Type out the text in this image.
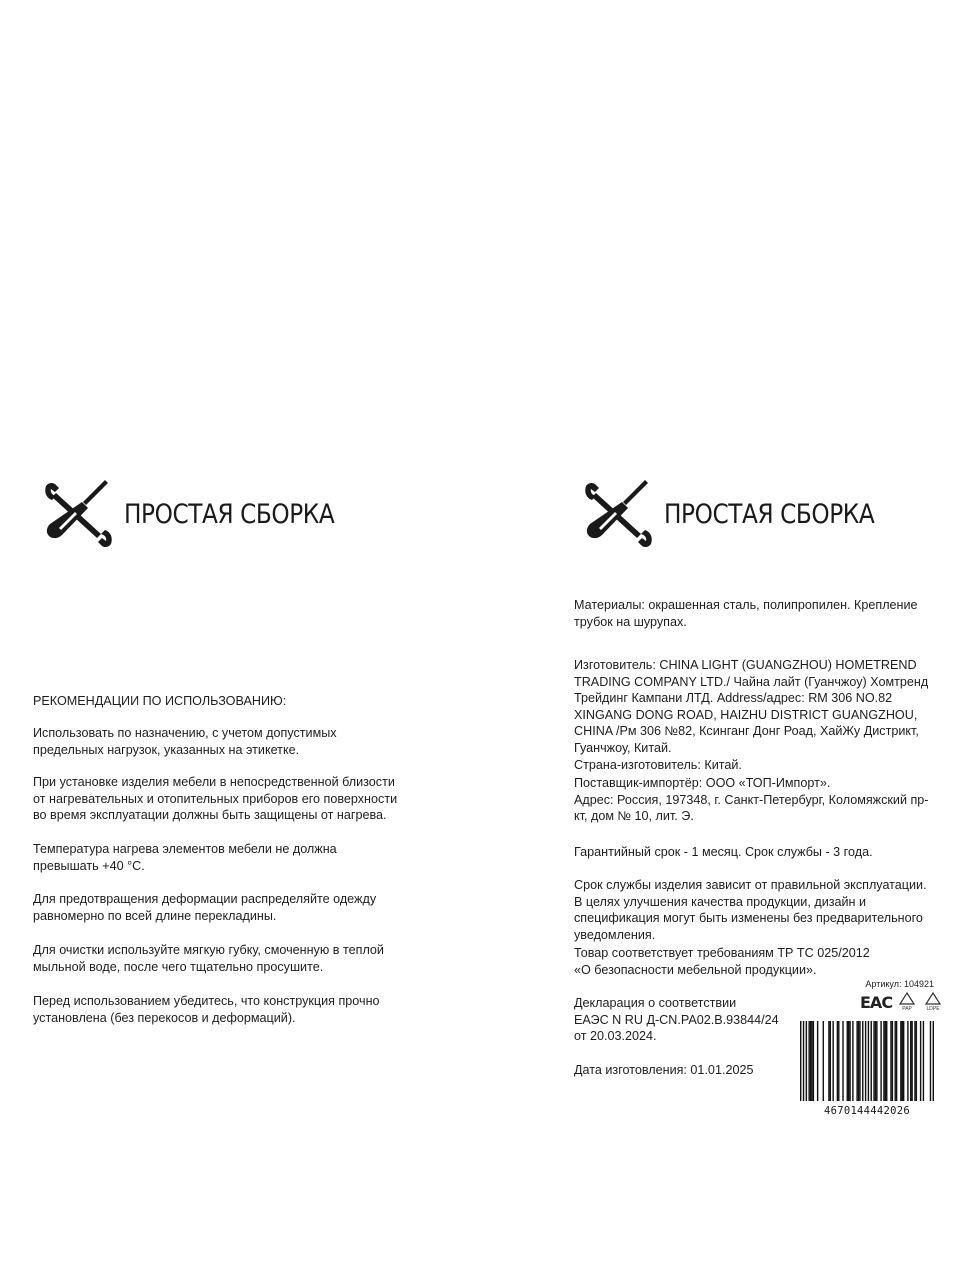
ПРОСТАЯ СБОРКА	ПРОСТАЯ СБОРКА
РЕКОМЕНДАЦИИ ПО ИСПОЛЬЗОВАНИЮ:

Использовать по назначению, с учетом допустимых предельных нагрузок, указанных на этикетке.

При установке изделия мебели в непосредственной близости от нагревательных и отопительных приборов его поверхности во время эксплуатации должны быть защищены от нагрева.

Температура нагрева элементов мебели не должна превышать +40 °C.

Для предотвращения деформации распределяйте одежду равномерно по всей длине перекладины.

Для очистки используйте мягкую губку, смоченную в теплой мыльной воде, после чего тщательно просушите.

Перед использованием убедитесь, что конструкция прочно установлена (без перекосов и деформаций).

Материалы: окрашенная сталь, полипропилен. Крепление трубок на шурупах.

Изготовитель: CHINA LIGHT (GUANGZHOU) HOMETREND TRADING COMPANY LTD./ Чайна лайт (Гуанчжоу) Хомтренд Трейдинг Кампани ЛТД. Address/адрес: RM 306 NO.82 XINGANG DONG ROAD, HAIZHU DISTRICT GUANGZHOU, CHINA /Рм 306 №82, Ксинганг Донг Роад, ХайЖу Дистрикт, Гуанчжоу, Китай.

Страна-изготовитель: Китай.

Поставщик-импортёр: ООО «ТОП-Импорт».

Адрес: Россия, 197348, г. Санкт-Петербург, Коломяжский пр-кт, дом № 10, лит. Э.

Гарантийный срок - 1 месяц. Срок службы - 3 года.

Срок службы изделия зависит от правильной эксплуатации. В целях улучшения качества продукции, дизайн и спецификация могут быть изменены без предварительного уведомления.

Товар соответствует требованиям ТР ТС 025/2012 «О безопасности мебельной продукции».

Декларация о соответствии

ЕАЭС N RU Д-CN.PA02.B.93844/24

от 20.03.2024.

Дата изготовления: 01.01.2025

Артикул: 104921
EAC PAP	LDPE
4670144442026
